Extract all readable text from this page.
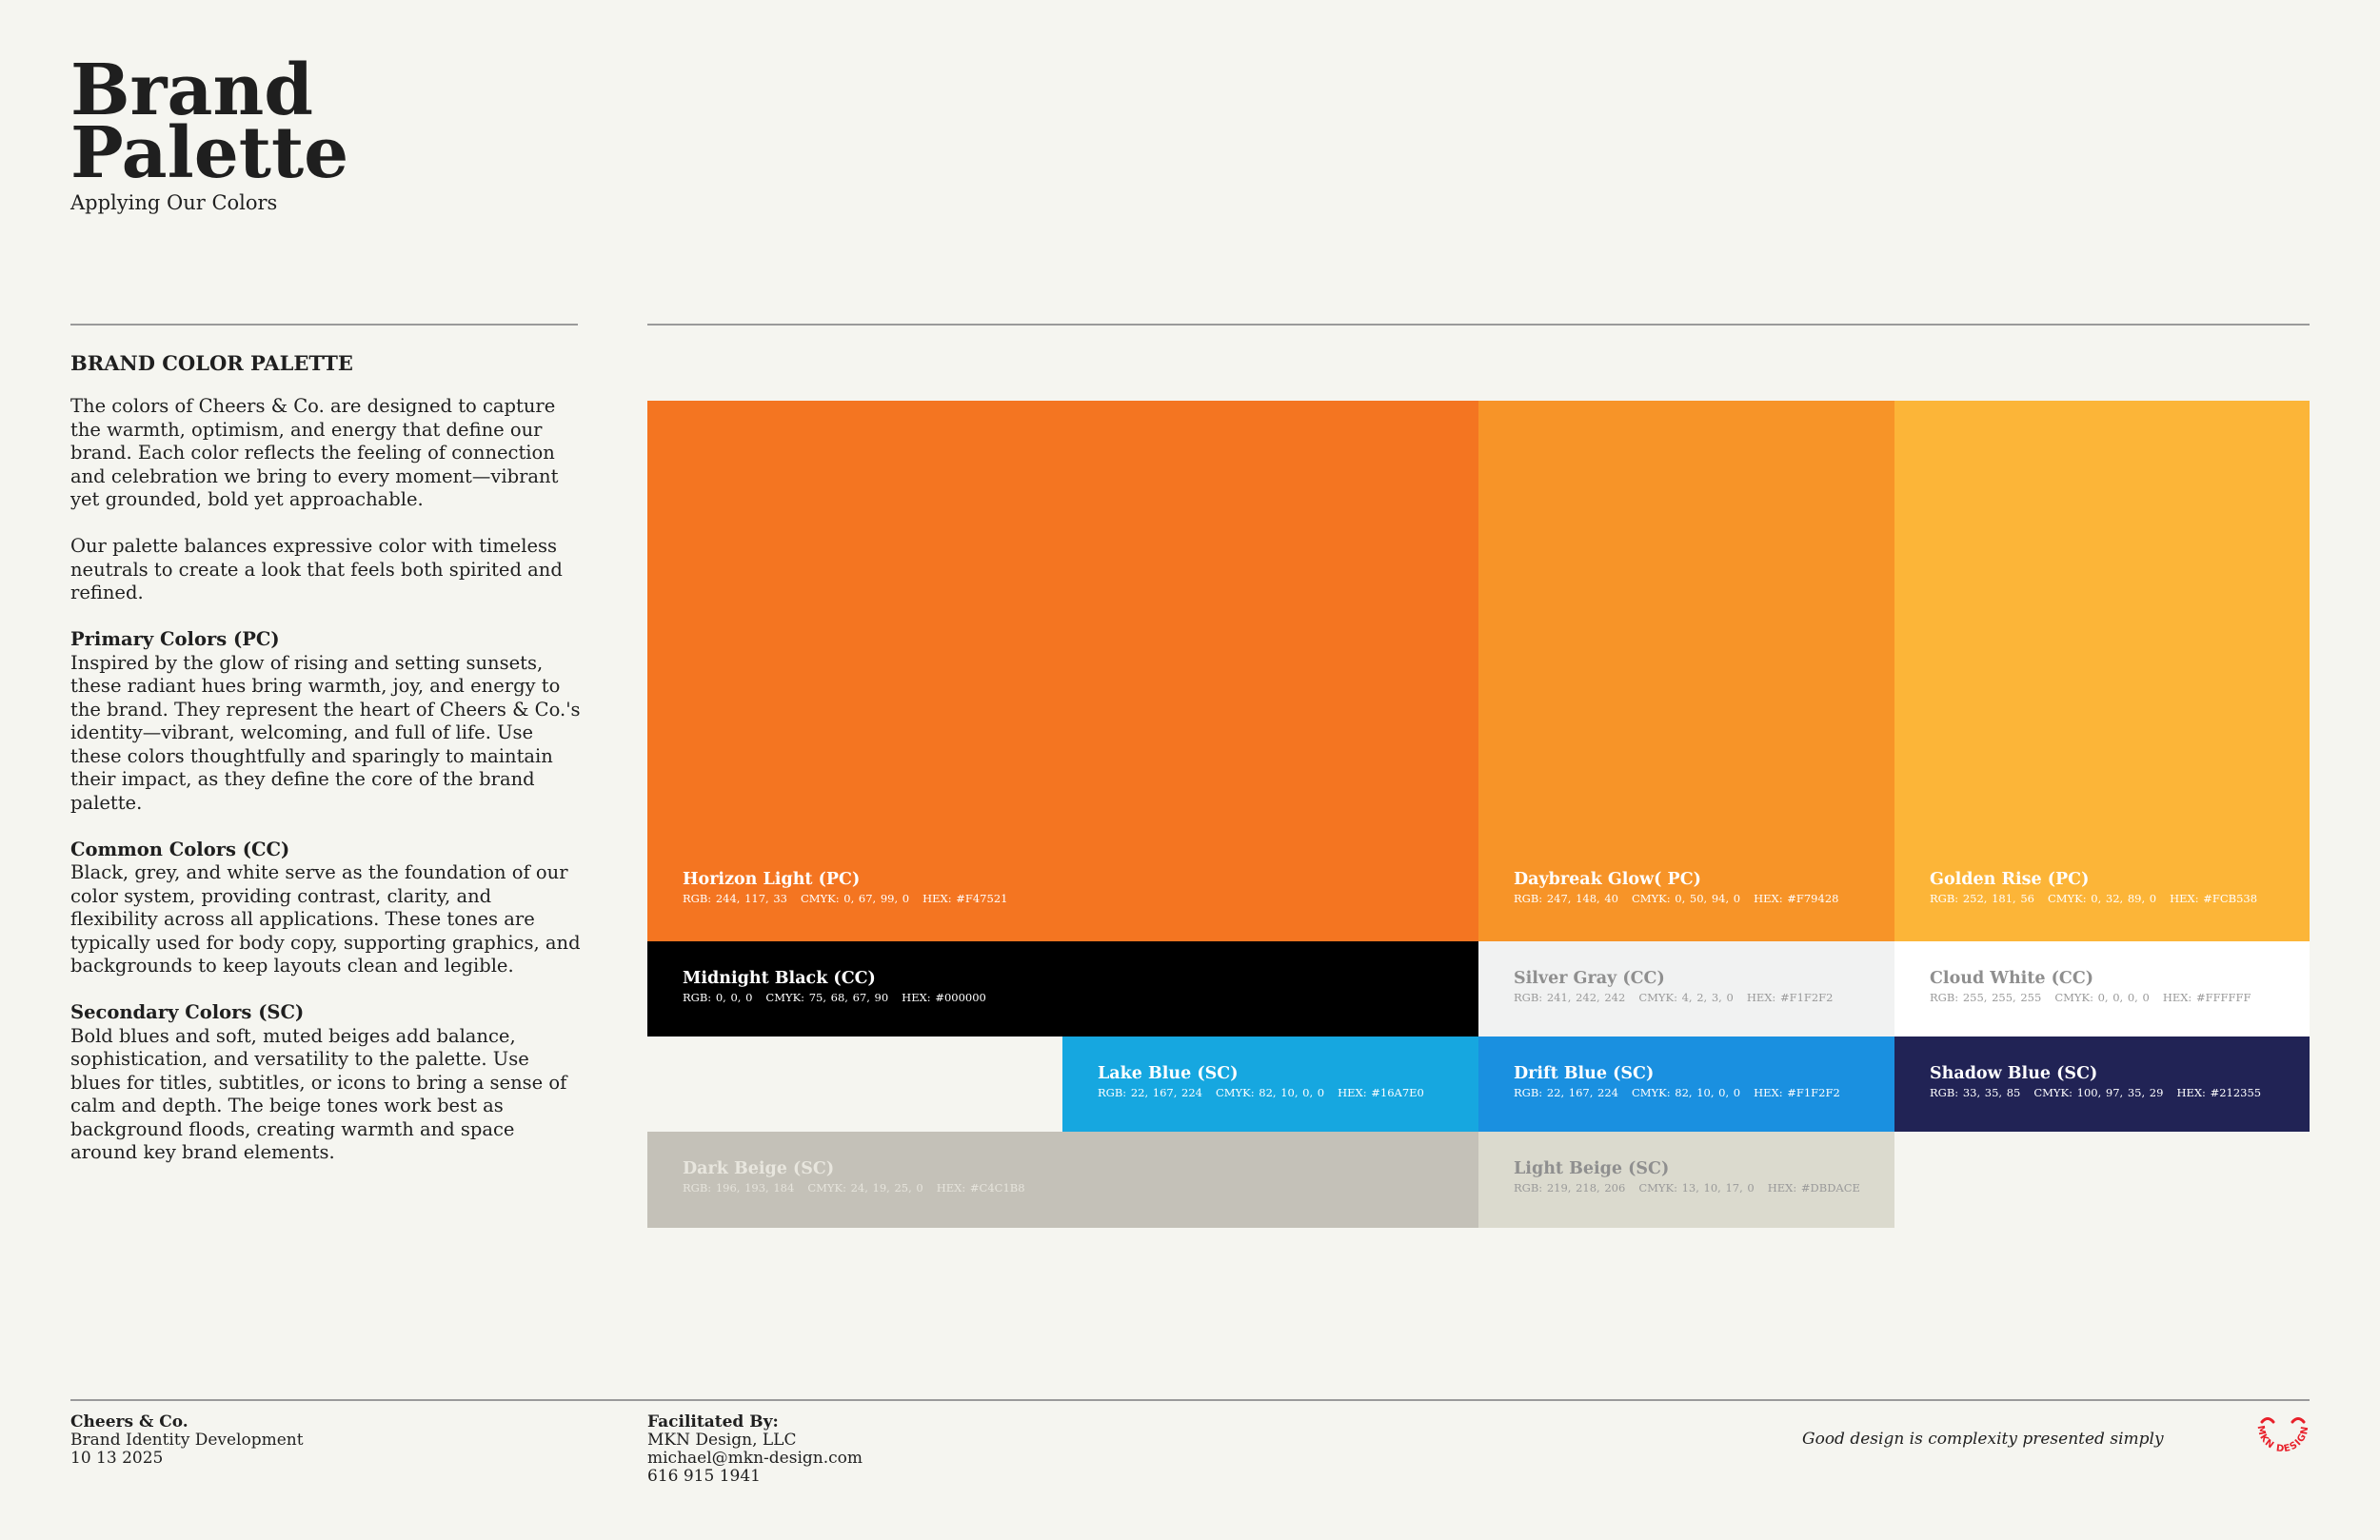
Brand
Palette

Applying Our Colors

BRAND COLOR PALETTE

The colors of Cheers & Co. are designed to capture the warmth, optimism, and energy that define our brand. Each color reflects the feeling of connection and celebration we bring to every moment—vibrant yet grounded, bold yet approachable.

Our palette balances expressive color with timeless neutrals to create a look that feels both spirited and refined.

Primary Colors (PC)
Inspired by the glow of rising and setting sunsets, these radiant hues bring warmth, joy, and energy to the brand. They represent the heart of Cheers & Co.'s identity—vibrant, welcoming, and full of life. Use these colors thoughtfully and sparingly to maintain their impact, as they define the core of the brand palette.

Common Colors (CC)
Black, grey, and white serve as the foundation of our color system, providing contrast, clarity, and flexibility across all applications. These tones are typically used for body copy, supporting graphics, and backgrounds to keep layouts clean and legible.

Secondary Colors (SC)
Bold blues and soft, muted beiges add balance, sophistication, and versatility to the palette. Use blues for titles, subtitles, or icons to bring a sense of calm and depth. The beige tones work best as background floods, creating warmth and space around key brand elements.

Horizon Light (PC)
RGB: 244, 117, 33 CMYK: 0, 67, 99, 0 HEX: #F47521
Daybreak Glow( PC)
RGB: 247, 148, 40 CMYK: 0, 50, 94, 0 HEX: #F79428
Golden Rise (PC)
RGB: 252, 181, 56 CMYK: 0, 32, 89, 0 HEX: #FCB538
Midnight Black (CC)
RGB: 0, 0, 0 CMYK: 75, 68, 67, 90 HEX: #000000
Silver Gray (CC)
RGB: 241, 242, 242 CMYK: 4, 2, 3, 0 HEX: #F1F2F2
Cloud White (CC)
RGB: 255, 255, 255 CMYK: 0, 0, 0, 0 HEX: #FFFFFF
Lake Blue (SC)
RGB: 22, 167, 224 CMYK: 82, 10, 0, 0 HEX: #16A7E0
Drift Blue (SC)
RGB: 22, 167, 224 CMYK: 82, 10, 0, 0 HEX: #F1F2F2
Shadow Blue (SC)
RGB: 33, 35, 85 CMYK: 100, 97, 35, 29 HEX: #212355
Dark Beige (SC)
RGB: 196, 193, 184 CMYK: 24, 19, 25, 0 HEX: #C4C1B8
Light Beige (SC)
RGB: 219, 218, 206 CMYK: 13, 10, 17, 0 HEX: #DBDACE
Cheers & Co.
Brand Identity Development
10 13 2025
Facilitated By:
MKN Design, LLC
michael@mkn-design.com
616 915 1941
Good design is complexity presented simply	MKN DESIGN
